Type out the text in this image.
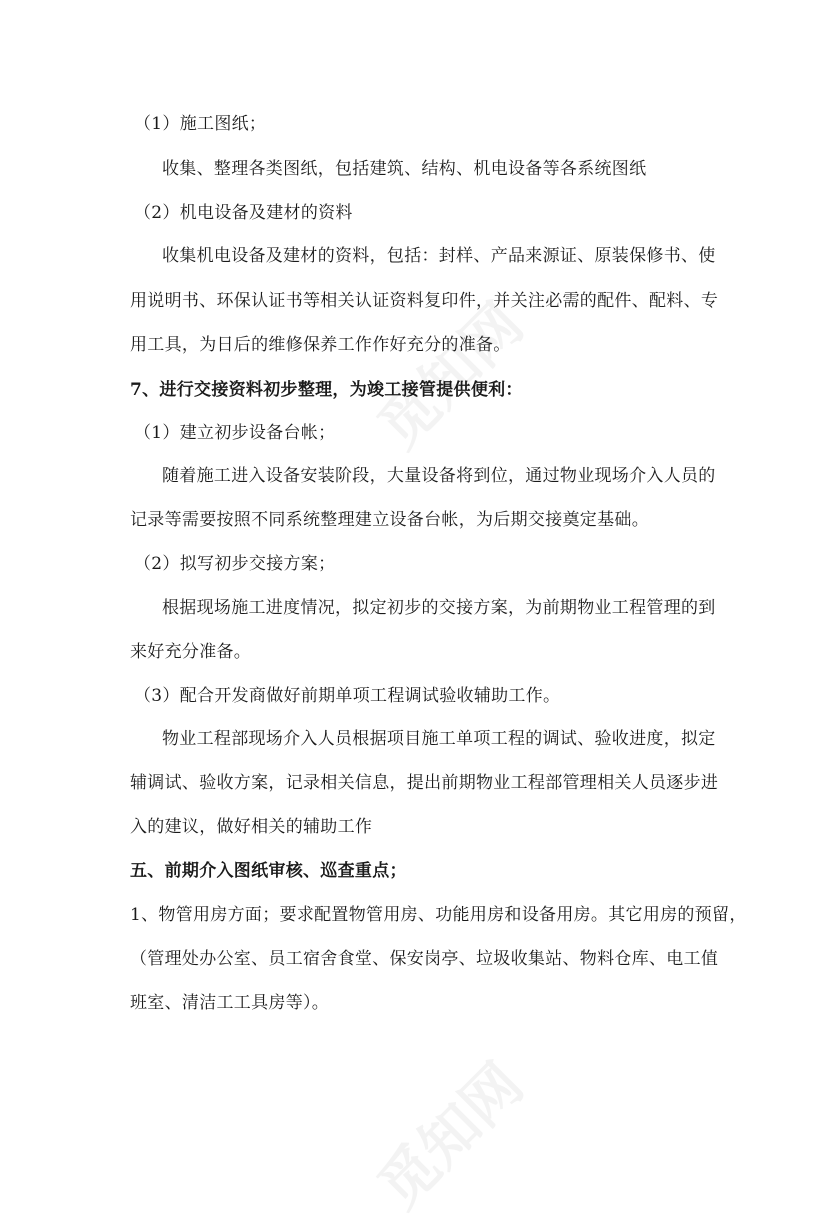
（1）施工图纸；
收集、整理各类图纸，包括建筑、结构、机电设备等各系统图纸
（2）机电设备及建材的资料
收集机电设备及建材的资料，包括：封样、产品来源证、原装保修书、使
用说明书、环保认证书等相关认证资料复印件，并关注必需的配件、配料、专
用工具，为日后的维修保养工作作好充分的准备。
7、进行交接资料初步整理，为竣工接管提供便利：
（1）建立初步设备台帐；
随着施工进入设备安装阶段，大量设备将到位，通过物业现场介入人员的
记录等需要按照不同系统整理建立设备台帐，为后期交接奠定基础。
（2）拟写初步交接方案；
根据现场施工进度情况，拟定初步的交接方案，为前期物业工程管理的到
来好充分准备。
（3）配合开发商做好前期单项工程调试验收辅助工作。
物业工程部现场介入人员根据项目施工单项工程的调试、验收进度，拟定
辅调试、验收方案，记录相关信息，提出前期物业工程部管理相关人员逐步进
入的建议，做好相关的辅助工作
五、前期介入图纸审核、巡查重点；
1、物管用房方面；要求配置物管用房、功能用房和设备用房。其它用房的预留，
（管理处办公室、员工宿舍食堂、保安岗亭、垃圾收集站、物料仓库、电工值
班室、清洁工工具房等）。
